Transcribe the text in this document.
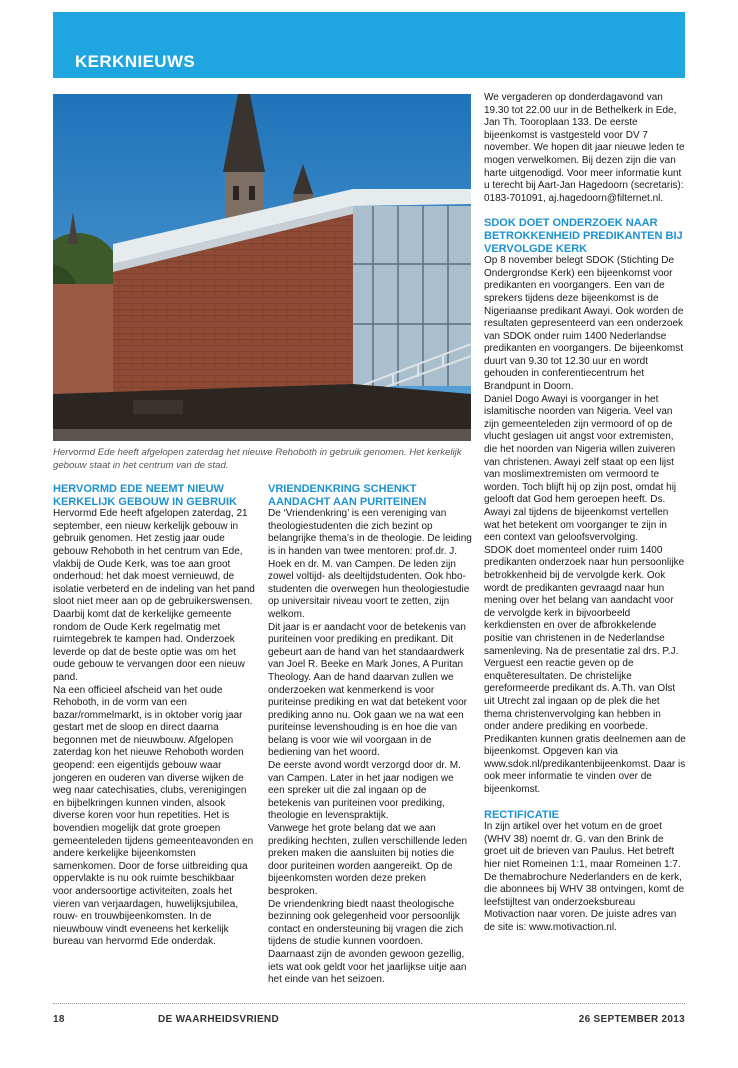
KERKNIEUWS

Hervormd Ede heeft afgelopen zaterdag het nieuwe Rehoboth in gebruik genomen. Het kerkelijk gebouw staat in het centrum van de stad.

HERVORMD EDE NEEMT NIEUW KERKELIJK GEBOUW IN GEBRUIK

Hervormd Ede heeft afgelopen zaterdag, 21 september, een nieuw kerkelijk gebouw in gebruik genomen. Het zestig jaar oude gebouw Rehoboth in het centrum van Ede, vlakbij de Oude Kerk, was toe aan groot onderhoud: het dak moest vernieuwd, de isolatie verbeterd en de indeling van het pand sloot niet meer aan op de gebruikerswensen. Daarbij komt dat de kerkelijke gemeente rondom de Oude Kerk regelmatig met ruimtegebrek te kampen had. Onderzoek leverde op dat de beste optie was om het oude gebouw te vervangen door een nieuw pand.

Na een officieel afscheid van het oude Rehoboth, in de vorm van een bazar/rommelmarkt, is in oktober vorig jaar gestart met de sloop en direct daarna begonnen met de nieuwbouw. Afgelopen zaterdag kon het nieuwe Rehoboth worden geopend: een eigentijds gebouw waar jongeren en ouderen van diverse wijken de weg naar catechisaties, clubs, verenigingen en bijbelkringen kunnen vinden, alsook diverse koren voor hun repetities. Het is bovendien mogelijk dat grote groepen gemeenteleden tijdens gemeenteavonden en andere kerkelijke bijeenkomsten samenkomen. Door de forse uitbreiding qua oppervlakte is nu ook ruimte beschikbaar voor andersoortige activiteiten, zoals het vieren van verjaardagen, huwelijksjubilea, rouw- en trouwbijeenkomsten. In de nieuwbouw vindt eveneens het kerkelijk bureau van hervormd Ede onderdak.

VRIENDENKRING SCHENKT AANDACHT AAN PURITEINEN

De ‘Vriendenkring’ is een vereniging van theologiestudenten die zich bezint op belangrijke thema’s in de theologie. De leiding is in handen van twee mentoren: prof.dr. J. Hoek en dr. M. van Campen. De leden zijn zowel voltijd- als deeltijdstudenten. Ook hbo-studenten die overwegen hun theologiestudie op universitair niveau voort te zetten, zijn welkom.

Dit jaar is er aandacht voor de betekenis van puriteinen voor prediking en predikant. Dit gebeurt aan de hand van het standaardwerk van Joel R. Beeke en Mark Jones, A Puritan Theology. Aan de hand daarvan zullen we onderzoeken wat kenmerkend is voor puriteinse prediking en wat dat betekent voor prediking anno nu. Ook gaan we na wat een puriteinse levenshouding is en hoe die van belang is voor wie wil voorgaan in de bediening van het woord.

De eerste avond wordt verzorgd door dr. M. van Campen. Later in het jaar nodigen we een spreker uit die zal ingaan op de betekenis van puriteinen voor prediking, theologie en levenspraktijk.

Vanwege het grote belang dat we aan prediking hechten, zullen verschillende leden preken maken die aansluiten bij noties die door puriteinen worden aangereikt. Op de bijeenkomsten worden deze preken besproken.

De vriendenkring biedt naast theologische bezinning ook gelegenheid voor persoonlijk contact en ondersteuning bij vragen die zich tijdens de studie kunnen voordoen. Daarnaast zijn de avonden gewoon gezellig, iets wat ook geldt voor het jaarlijkse uitje aan het einde van het seizoen.

We vergaderen op donderdagavond van 19.30 tot 22.00 uur in de Bethelkerk in Ede, Jan Th. Tooroplaan 133. De eerste bijeenkomst is vastgesteld voor DV 7 november. We hopen dit jaar nieuwe leden te mogen verwelkomen. Bij dezen zijn die van harte uitgenodigd. Voor meer informatie kunt u terecht bij Aart-Jan Hagedoorn (secretaris): 0183-701091, aj.hagedoorn@filternet.nl.

SDOK DOET ONDERZOEK NAAR BETROKKENHEID PREDIKANTEN BIJ VERVOLGDE KERK

Op 8 november belegt SDOK (Stichting De Ondergrondse Kerk) een bijeenkomst voor predikanten en voorgangers. Een van de sprekers tijdens deze bijeenkomst is de Nigeriaanse predikant Awayi. Ook worden de resultaten gepresenteerd van een onderzoek van SDOK onder ruim 1400 Nederlandse predikanten en voorgangers. De bijeenkomst duurt van 9.30 tot 12.30 uur en wordt gehouden in conferentiecentrum het Brandpunt in Doorn.

Daniel Dogo Awayi is voorganger in het islamitische noorden van Nigeria. Veel van zijn gemeenteleden zijn vermoord of op de vlucht geslagen uit angst voor extremisten, die het noorden van Nigeria willen zuiveren van christenen. Awayi zelf staat op een lijst van moslimextremisten om vermoord te worden. Toch blijft hij op zijn post, omdat hij gelooft dat God hem geroepen heeft. Ds. Awayi zal tijdens de bijeenkomst vertellen wat het betekent om voorganger te zijn in een context van geloofsvervolging.

SDOK doet momenteel onder ruim 1400 predikanten onderzoek naar hun persoonlijke betrokkenheid bij de vervolgde kerk. Ook wordt de predikanten gevraagd naar hun mening over het belang van aandacht voor de vervolgde kerk in bijvoorbeeld kerkdiensten en over de afbrokkelende positie van christenen in de Nederlandse samenleving. Na de presentatie zal drs. P.J. Verguest een reactie geven op de enquêteresultaten. De christelijke gereformeerde predikant ds. A.Th. van Olst uit Utrecht zal ingaan op de plek die het thema christenvervolging kan hebben in onder andere prediking en voorbede. Predikanten kunnen gratis deelnemen aan de bijeenkomst. Opgeven kan via www.sdok.nl/predikantenbijeenkomst. Daar is ook meer informatie te vinden over de bijeenkomst.

RECTIFICATIE

In zijn artikel over het votum en de groet (WHV 38) noemt dr. G. van den Brink de groet uit de brieven van Paulus. Het betreft hier niet Romeinen 1:1, maar Romeinen 1:7.

De themabrochure Nederlanders en de kerk, die abonnees bij WHV 38 ontvingen, komt de leefstijltest van onderzoeksbureau Motivaction naar voren. De juiste adres van de site is: www.motivaction.nl.

18	DE WAARHEIDSVRIEND	26 SEPTEMBER 2013
